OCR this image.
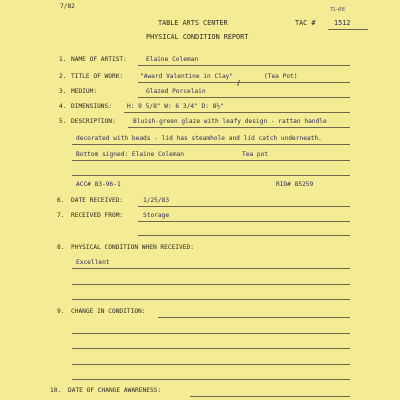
7/82	TL-66
TABLE ARTS CENTER	TAC #	1512
PHYSICAL CONDITION REPORT
1. NAME OF ARTIST:	Elaine Coleman
2. TITLE OF WORK:	"Award Valentine in Clay"	(Tea Pot)
3. MEDIUM:	Glazed Porcelain
4. DIMENSIONS: H: 9 5/8" W: 6 3/4" D: 8½"
5. DESCRIPTION:	Bluish-green glaze with leafy design - rattan handle
decorated with beads - lid has steamhole and lid catch underneath.
Bottom signed: Elaine Coleman	Tea pot
ACC# 83-96-1	RID# 85259
6. DATE RECEIVED:	1/25/83
7. RECEIVED FROM:	Storage
8. PHYSICAL CONDITION WHEN RECEIVED:
Excellent
9. CHANGE IN CONDITION:
10. DATE OF CHANGE AWARENESS:
